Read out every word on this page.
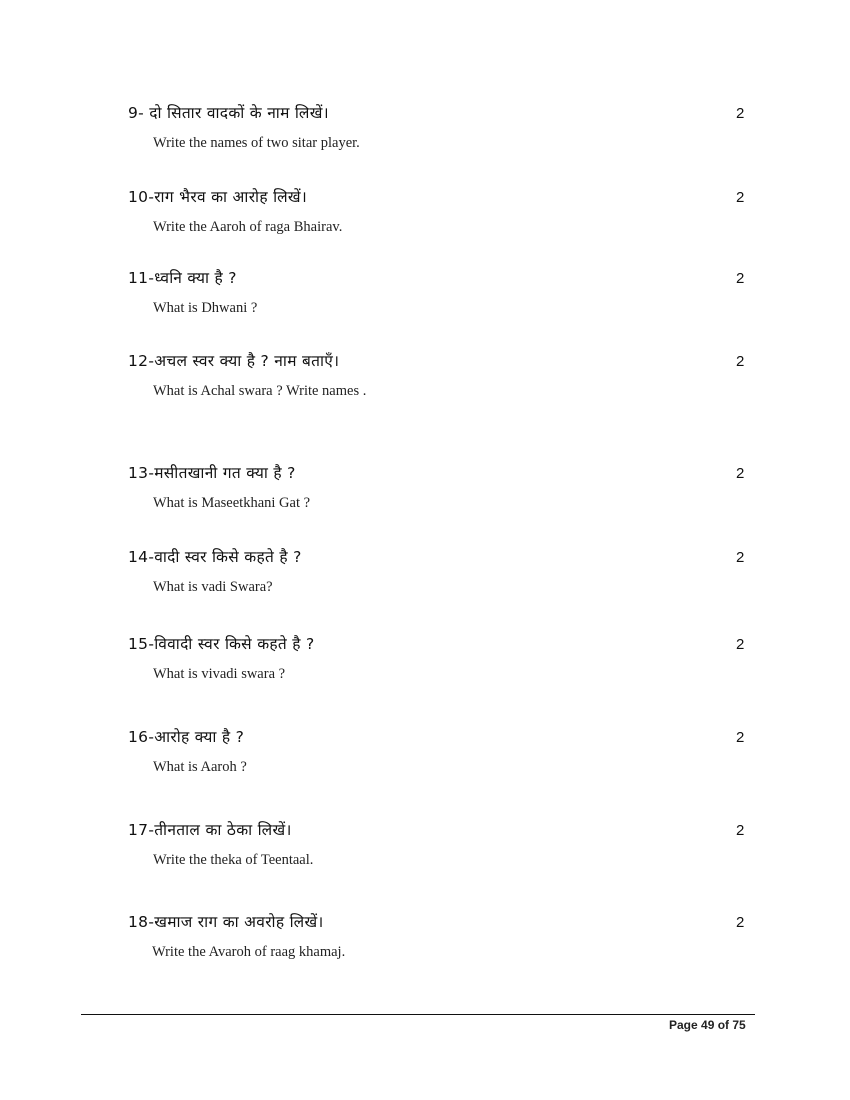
9- दो सितार वादकों के नाम लिखें।
Write the names of two sitar player.
2
10-राग भैरव का आरोह लिखें।
Write the Aaroh of raga Bhairav.
2
11-ध्वनि क्या है ?
What is Dhwani ?
2
12-अचल स्वर क्या है ? नाम बताएँ।
What is Achal swara ? Write names .
2
13-मसीतखानी गत क्या है ?
What is Maseetkhani Gat ?
2
14-वादी स्वर किसे कहते है ?
What is vadi Swara?
2
15-विवादी स्वर किसे कहते है ?
What is vivadi swara ?
2
16-आरोह क्या है ?
What is Aaroh ?
2
17-तीनताल का ठेका लिखें।
Write the theka of Teentaal.
2
18-खमाज राग का अवरोह लिखें।
Write the Avaroh of raag khamaj.
2
Page 49 of 75
